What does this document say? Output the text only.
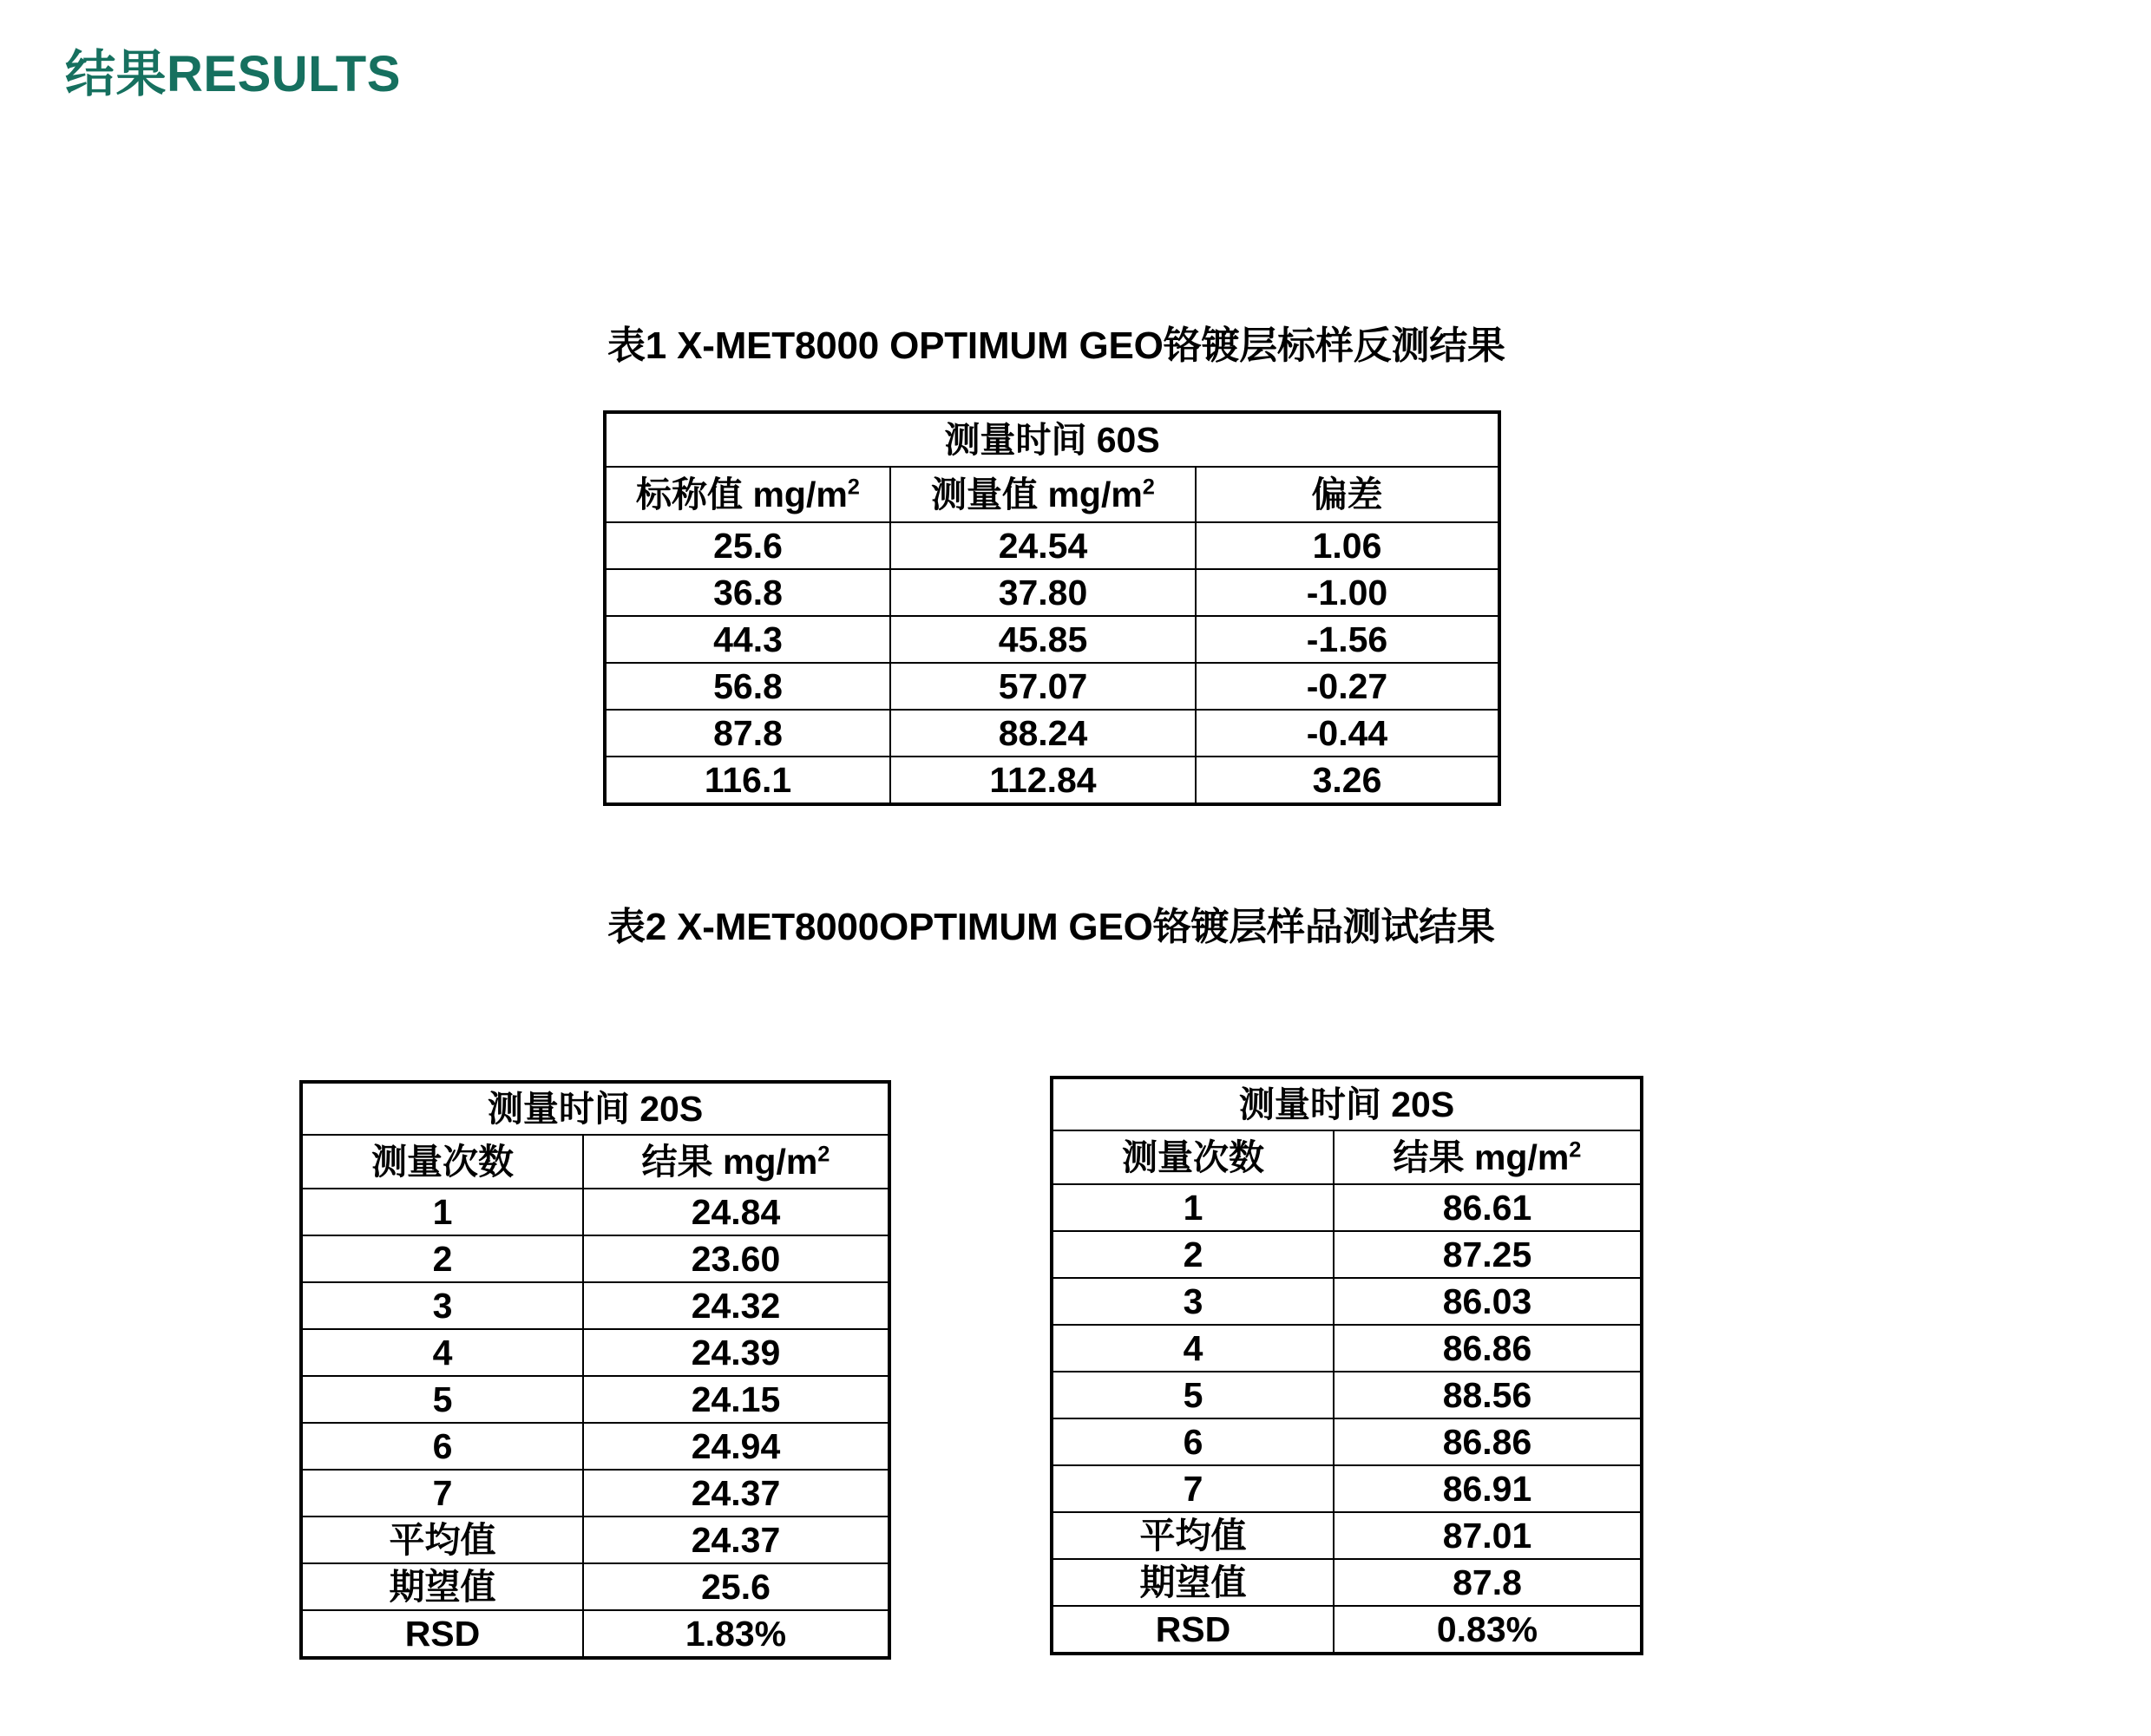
结果RESULTS
表1 X-MET8000 OPTIMUM GEO铬镀层标样反测结果
测量时间 60S		
标称值 $mg/m^2$	测量值 $mg/m^2$	偏差
25.6	24.54	1.06
36.8	37.80	-1.00
44.3	45.85	-1.56
56.8	57.07	-0.27
87.8	88.24	-0.44
116.1	112.84	3.26
表2 X-MET8000OPTIMUM GEO铬镀层样品测试结果
测量时间 20S	
测量次数	结果 $mg/m^2$
1	24.84
2	23.60
3	24.32
4	24.39
5	24.15
6	24.94
7	24.37
平均值	24.37
期望值	25.6
RSD	1.83%
测量时间 20S	
测量次数	结果 $mg/m^2$
1	86.61
2	87.25
3	86.03
4	86.86
5	88.56
6	86.86
7	86.91
平均值	87.01
期望值	87.8
RSD	0.83%
